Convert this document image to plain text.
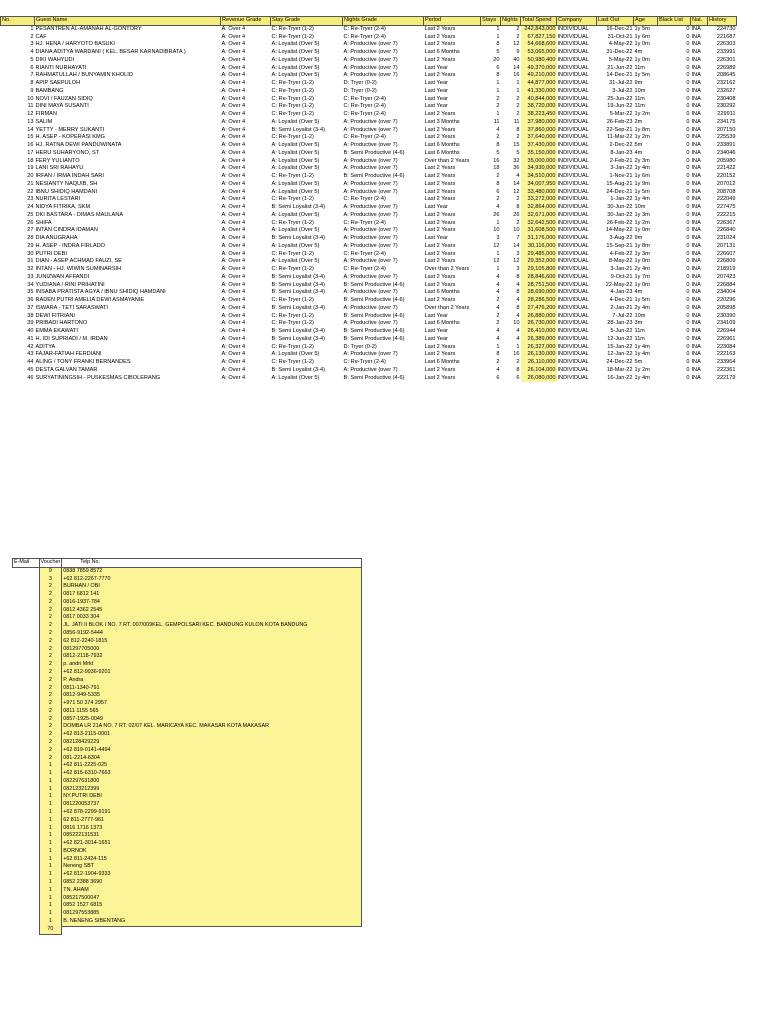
No.	Guest Name	Revenue Grade	Stay Grade	Nights Grade	Period	Stays	Nights	Total Spend	Company	Last Out	Age	Black List	Nat.	History
1	PESANTREN AL-AMANAH AL-GONTORY	A: Over 4	C: Re-Tryer (1-2)	C: Re-Tryer (2-4)	Last 2 Years	1	2	242,843,000	INDIVIDUAL	16-Dec-21	1y 5m	0	INA	224730
2	CAF	A: Over 4	C: Re-Tryer (1-2)	C: Re-Tryer (2-4)	Last 2 Years	1	2	67,827,150	INDIVIDUAL	31-Oct-21	1y 6m	0	INA	221687
3	HJ. HENA / HARYOTO BASUKI	A: Over 4	A: Loyalist (Over 5)	A: Productive (over 7)	Last 2 Years	8	12	54,668,600	INDIVIDUAL	4-May-22	1y 0m	0	INA	226303
4	DIANA ADITYA WARDANI ( KEL. BESAR KARNADIBRATA )	A: Over 4	A: Loyalist (Over 5)	A: Productive (over 7)	Last 6 Months	5	9	53,065,000	INDIVIDUAL	31-Dec-22	4m	0	INA	233991
5	DIKI WAHYUDI	A: Over 4	A: Loyalist (Over 5)	A: Productive (over 7)	Last 2 Years	20	40	50,980,400	INDIVIDUAL	5-May-22	1y 0m	0	INA	226301
6	RIANTI NURHAYATI	A: Over 4	A: Loyalist (Over 5)	A: Productive (over 7)	Last Year	6	14	49,370,000	INDIVIDUAL	21-Jun-22	11m	0	INA	226989
7	RAHMATULLAH / BUNYAMIN KHOLID	A: Over 4	A: Loyalist (Over 5)	A: Productive (over 7)	Last 2 Years	8	16	49,210,000	INDIVIDUAL	14-Dec-21	1y 5m	0	INA	208645
8	APIP SAEPULOH	A: Over 4	C: Re-Tryer (1-2)	D: Tryer (0-2)	Last Year	1	1	44,877,000	INDIVIDUAL	31-Jul-22	9m	0	INA	232162
9	BAMBANG	A: Over 4	C: Re-Tryer (1-2)	D: Tryer (0-2)	Last Year	1	1	41,330,000	INDIVIDUAL	3-Jul-22	10m	0	INA	232627
10	NOVI / FAUZAN SIDIQ	A: Over 4	C: Re-Tryer (1-2)	C: Re-Tryer (2-4)	Last Year	2	2	40,844,000	INDIVIDUAL	25-Jun-22	11m	0	INA	230408
11	DINI MAYA SUSANTI	A: Over 4	C: Re-Tryer (1-2)	C: Re-Tryer (2-4)	Last Year	2	2	38,720,000	INDIVIDUAL	19-Jun-22	11m	0	INA	230292
12	FIRMAN	A: Over 4	C: Re-Tryer (1-2)	C: Re-Tryer (2-4)	Last 2 Years	1	2	38,223,450	INDIVIDUAL	5-Mar-22	1y 2m	0	INA	229911
13	SALIM	A: Over 4	A: Loyalist (Over 5)	A: Productive (over 7)	Last 3 Months	11	11	37,980,000	INDIVIDUAL	26-Feb-23	2m	0	INA	234175
14	YETTY - MERRY SUKANTI	A: Over 4	B: Semi Loyalist (3-4)	A: Productive (over 7)	Last 2 Years	4	8	37,860,000	INDIVIDUAL	22-Sep-21	1y 8m	0	INA	207150
15	H. ASEP - KOPERASI KMG	A: Over 4	C: Re-Tryer (1-2)	C: Re-Tryer (2-4)	Last 2 Years	2	2	37,640,000	INDIVIDUAL	11-Mar-22	1y 2m	0	INA	225539
16	HJ. RATNA DEWI PANDUWINATA	A: Over 4	A: Loyalist (Over 5)	A: Productive (over 7)	Last 6 Months	8	15	37,430,000	INDIVIDUAL	2-Dec-22	5m	0	INA	233891
17	HERU SUHARYONO, ST	A: Over 4	A: Loyalist (Over 5)	B: Semi Productive (4-6)	Last 6 Months	5	5	35,150,000	INDIVIDUAL	8-Jan-23	4m	0	INA	234046
18	FERY YULIANTO	A: Over 4	A: Loyalist (Over 5)	A: Productive (over 7)	Over than 2 Years	16	32	35,000,000	INDIVIDUAL	2-Feb-21	2y 3m	0	INA	205980
19	LANI SRI RAHAYU	A: Over 4	A: Loyalist (Over 5)	A: Productive (over 7)	Last 2 Years	18	36	34,930,000	INDIVIDUAL	3-Jan-22	1y 4m	0	INA	221422
20	IRFAN / IRMA INDAH SARI	A: Over 4	C: Re-Tryer (1-2)	B: Semi Productive (4-6)	Last 2 Years	2	4	34,510,000	INDIVIDUAL	1-Nov-21	1y 6m	0	INA	220152
21	NESIANTY NAQUIB, SH	A: Over 4	A: Loyalist (Over 5)	A: Productive (over 7)	Last 2 Years	8	14	34,007,950	INDIVIDUAL	15-Aug-21	1y 9m	0	INA	207012
22	IBNU SHIDIQ HAMDANI	A: Over 4	A: Loyalist (Over 5)	A: Productive (over 7)	Last 2 Years	6	12	33,480,000	INDIVIDUAL	24-Dec-21	1y 5m	0	INA	208708
23	NURITA LESTARI	A: Over 4	C: Re-Tryer (1-2)	C: Re-Tryer (2-4)	Last 2 Years	2	2	33,272,000	INDIVIDUAL	1-Jan-22	1y 4m	0	INA	222049
24	NIDYA FITRIKA, SKM	A: Over 4	B: Semi Loyalist (3-4)	A: Productive (over 7)	Last Year	4	8	32,864,000	INDIVIDUAL	30-Jun-22	10m	0	INA	227475
25	DKI BASTARA - DIMAS MAULANA	A: Over 4	A: Loyalist (Over 5)	A: Productive (over 7)	Last 2 Years	26	26	32,671,000	INDIVIDUAL	30-Jan-22	1y 3m	0	INA	222215
26	SHIFA	A: Over 4	C: Re-Tryer (1-2)	C: Re-Tryer (2-4)	Last 2 Years	1	2	32,642,500	INDIVIDUAL	26-Feb-22	1y 2m	0	INA	226367
27	INTAN CINDRA IDAMAN	A: Over 4	A: Loyalist (Over 5)	A: Productive (over 7)	Last 2 Years	10	10	31,608,500	INDIVIDUAL	14-May-22	1y 0m	0	INA	226840
28	DIA ANUGRAHA	A: Over 4	B: Semi Loyalist (3-4)	A: Productive (over 7)	Last Year	3	7	31,176,000	INDIVIDUAL	3-Aug-22	9m	0	INA	231024
29	H. ASEP - INDRA FIRLADO	A: Over 4	A: Loyalist (Over 5)	A: Productive (over 7)	Last 2 Years	12	14	30,116,000	INDIVIDUAL	15-Sep-21	1y 8m	0	INA	207131
30	PUTRI DEBI	A: Over 4	C: Re-Tryer (1-2)	C: Re-Tryer (2-4)	Last 2 Years	1	3	29,485,000	INDIVIDUAL	4-Feb-22	1y 3m	0	INA	226607
31	DIAN - ASEP ACHMAD FAUZI, SE	A: Over 4	A: Loyalist (Over 5)	A: Productive (over 7)	Last 2 Years	12	12	29,352,000	INDIVIDUAL	8-May-22	1y 0m	0	INA	226809
32	INTAN - HJ. WIWIN SUMINARSIH	A: Over 4	C: Re-Tryer (1-2)	C: Re-Tryer (2-4)	Over than 2 Years	1	3	29,105,800	INDIVIDUAL	3-Jan-21	2y 4m	0	INA	218919
33	JUNIZWAN AFFANDI	A: Over 4	B: Semi Loyalist (3-4)	A: Productive (over 7)	Last 2 Years	4	8	28,846,600	INDIVIDUAL	9-Oct-21	1y 7m	0	INA	207423
34	YUDIANA / RINI PRIHATINI	A: Over 4	B: Semi Loyalist (3-4)	B: Semi Productive (4-6)	Last 2 Years	4	4	28,751,500	INDIVIDUAL	22-May-22	1y 0m	0	INA	226884
35	INSABA PRATISTA AGYA / IBNU SHIDIQ HAMDANI	A: Over 4	B: Semi Loyalist (3-4)	A: Productive (over 7)	Last 6 Months	4	8	28,690,000	INDIVIDUAL	4-Jan-23	4m	0	INA	234004
36	RADEN PUTRI AMELIA DEWI ASMAYANIE	A: Over 4	C: Re-Tryer (1-2)	B: Semi Productive (4-6)	Last 2 Years	2	4	28,286,500	INDIVIDUAL	4-Dec-21	1y 5m	0	INA	220296
37	ISWARA - TETI SARASWATI	A: Over 4	B: Semi Loyalist (3-4)	A: Productive (over 7)	Over than 2 Years	4	8	27,476,200	INDIVIDUAL	2-Jan-21	2y 4m	0	INA	205898
38	DEWI FITRIANI	A: Over 4	C: Re-Tryer (1-2)	B: Semi Productive (4-6)	Last Year	2	4	26,880,000	INDIVIDUAL	7-Jul-22	10m	0	INA	230390
39	PRIBADI HARTONO	A: Over 4	C: Re-Tryer (1-2)	A: Productive (over 7)	Last 6 Months	2	10	26,730,000	INDIVIDUAL	28-Jan-23	3m	0	INA	234109
40	EMMA EKAWATI	A: Over 4	B: Semi Loyalist (3-4)	B: Semi Productive (4-6)	Last Year	4	4	26,410,000	INDIVIDUAL	5-Jun-22	11m	0	INA	226944
41	H. IDI SUPRIADI / M. IRDAN	A: Over 4	B: Semi Loyalist (3-4)	B: Semi Productive (4-6)	Last Year	4	4	26,389,000	INDIVIDUAL	12-Jun-22	11m	0	INA	226961
42	ADITYA	A: Over 4	C: Re-Tryer (1-2)	D: Tryer (0-2)	Last 2 Years	1	1	26,327,000	INDIVIDUAL	15-Jan-22	1y 4m	0	INA	223084
43	FAJAR-FATIAH FERDIANI	A: Over 4	A: Loyalist (Over 5)	A: Productive (over 7)	Last 2 Years	8	16	26,130,000	INDIVIDUAL	12-Jan-22	1y 4m	0	INA	222163
44	ALING / TONY FRANKI BERNANDES	A: Over 4	C: Re-Tryer (1-2)	C: Re-Tryer (2-4)	Last 6 Months	2	2	26,110,000	INDIVIDUAL	24-Dec-22	5m	0	INA	233964
45	DESTA GALVAN TAMAR	A: Over 4	B: Semi Loyalist (3-4)	A: Productive (over 7)	Last 2 Years	4	8	26,104,000	INDIVIDUAL	18-Mar-22	1y 2m	0	INA	222361
46	SURYATININGSIH - PUSKESMAS CIBOLERANG	A: Over 4	A: Loyalist (Over 5)	B: Semi Productive (4-6)	Last 2 Years	6	6	26,080,000	INDIVIDUAL	16-Jan-22	1y 4m	0	INA	222179
E-Mail	Voucher	Telp No.
	9	0838 7859 8572
	3	+62 812-2267-7770
	2	BURHAN / OBI
	2	0817 6812 141
	2	0816-1937-784
	2	0812 4362 2545
	2	0817 0033 304
	2	JL. JATI II BLOK I NO. 7 RT. 007/009KEL. GEMPOLSARI KEC. BANDUNG KULON KOTA BANDUNG
	2	0856-9192-5444
	2	62 812-2240-1815
	2	081297705000
	2	0812-2118-7932
	2	p. andri Mrkt
	2	+62 812-9936-9201
	2	P. Andra
	2	0811-1340-791
	2	0812-949-5335
	2	+971 50 374 2957
	2	0811 1155 565
	2	0857-1925-0049
	2	DOMBA LR 21A NO. 7 RT. 02/07 KEL. MARICAYA KEC. MAKASAR KOTA MAKASAR
	2	+62 813-2115-0001
	2	082128429229
	2	+62 819-0141-4494
	2	081-2214-6304
	1	+62 811-2225-025
	1	+62 815-6310-7663
	1	082297631800
	1	082123212399
	1	NY.PUTRI DEBI
	1	081220053737
	1	+62 878-2299-9191
	1	62 811-2777-961
	1	0816 1716 1373
	1	085222131531
	1	+62 821-3014-1651
	1	BORNOK
	1	+62 811-2424-115
	1	Neneng SBT
	1	+62 812-1904-9333
	1	0852 2388 3690
	1	TN. AHAM
	1	085217500047
	1	0852 1527 6815
	1	081297553885
	1	B. NENENG SIBENTANG
	70	
